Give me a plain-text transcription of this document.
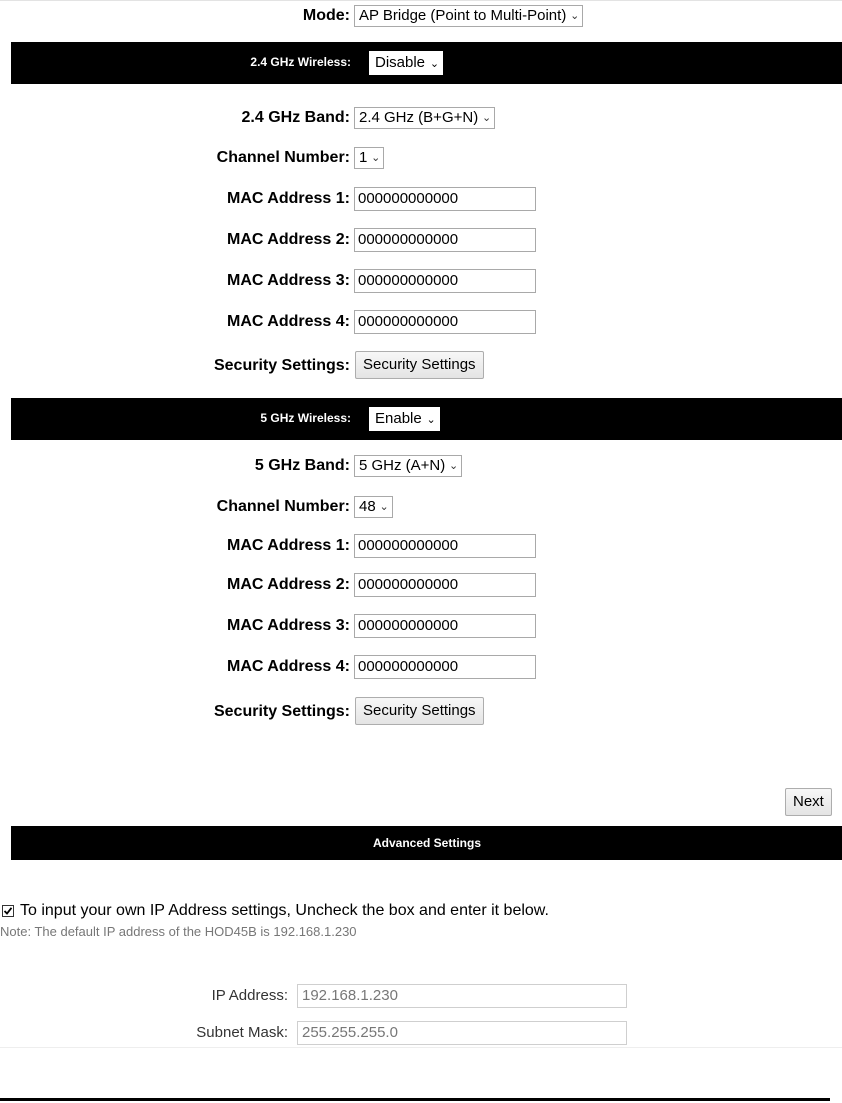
Mode: AP Bridge (Point to Multi-Point) ⌄
2.4 GHz Wireless:	Disable ⌄
2.4 GHz Band: 2.4 GHz (B+G+N) ⌄
Channel Number: 1 ⌄
MAC Address 1: 000000000000
MAC Address 2: 000000000000
MAC Address 3: 000000000000
MAC Address 4: 000000000000
Security Settings: Security Settings
5 GHz Wireless:	Enable ⌄
5 GHz Band: 5 GHz (A+N) ⌄
Channel Number: 48 ⌄
MAC Address 1: 000000000000
MAC Address 2: 000000000000
MAC Address 3: 000000000000
MAC Address 4: 000000000000
Security Settings: Security Settings
Next
Advanced Settings
To input your own IP Address settings, Uncheck the box and enter it below.
Note: The default IP address of the HOD45B is 192.168.1.230
IP Address: 192.168.1.230
Subnet Mask: 255.255.255.0
